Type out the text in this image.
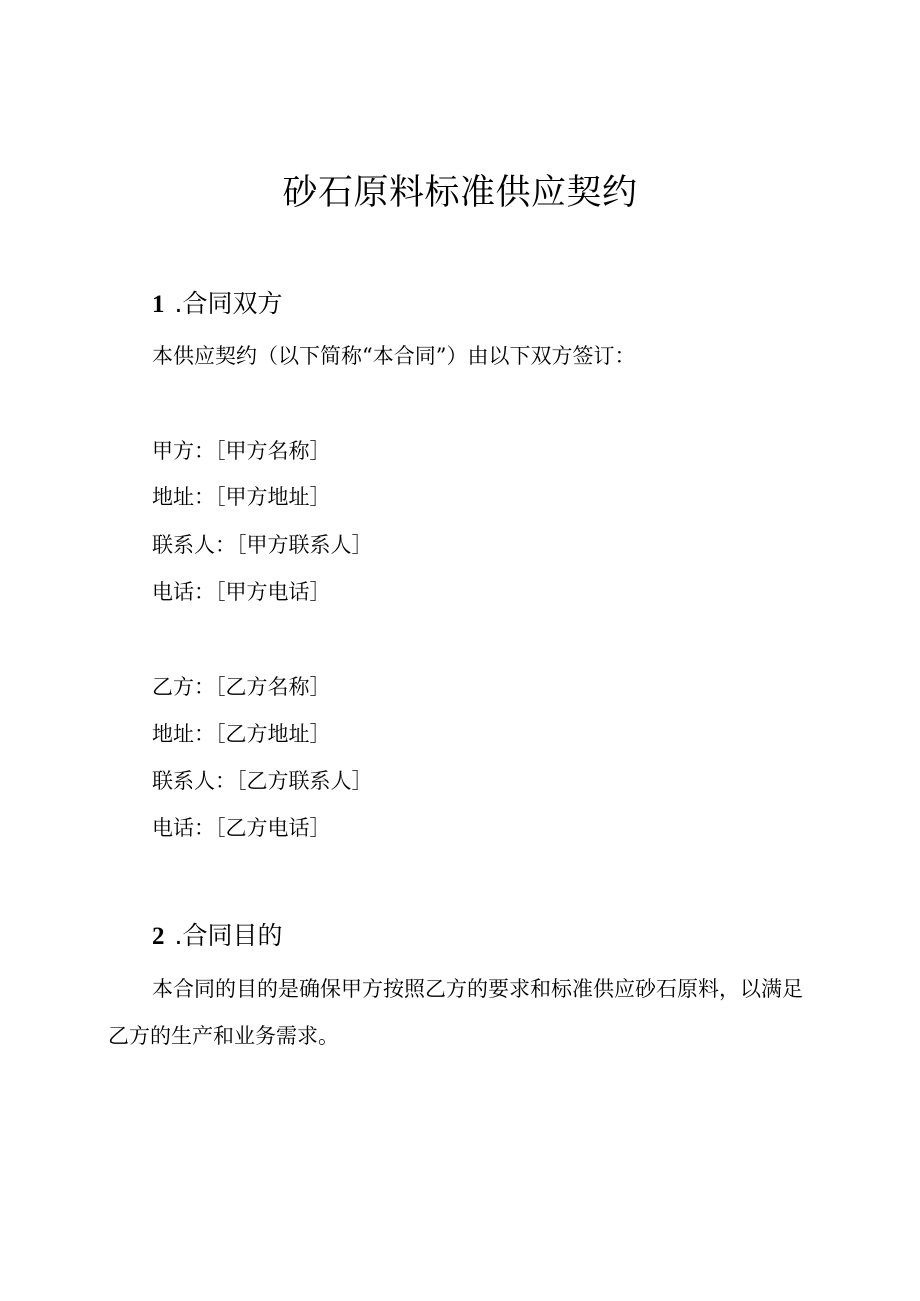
砂石原料标准供应契约
1 .合同双方
本供应契约（以下简称“本合同”）由以下双方签订：
甲方：［甲方名称］
地址：［甲方地址］
联系人：［甲方联系人］
电话：［甲方电话］
乙方：［乙方名称］
地址：［乙方地址］
联系人：［乙方联系人］
电话：［乙方电话］
2 .合同目的
本合同的目的是确保甲方按照乙方的要求和标准供应砂石原料，以满足乙方的生产和业务需求。
